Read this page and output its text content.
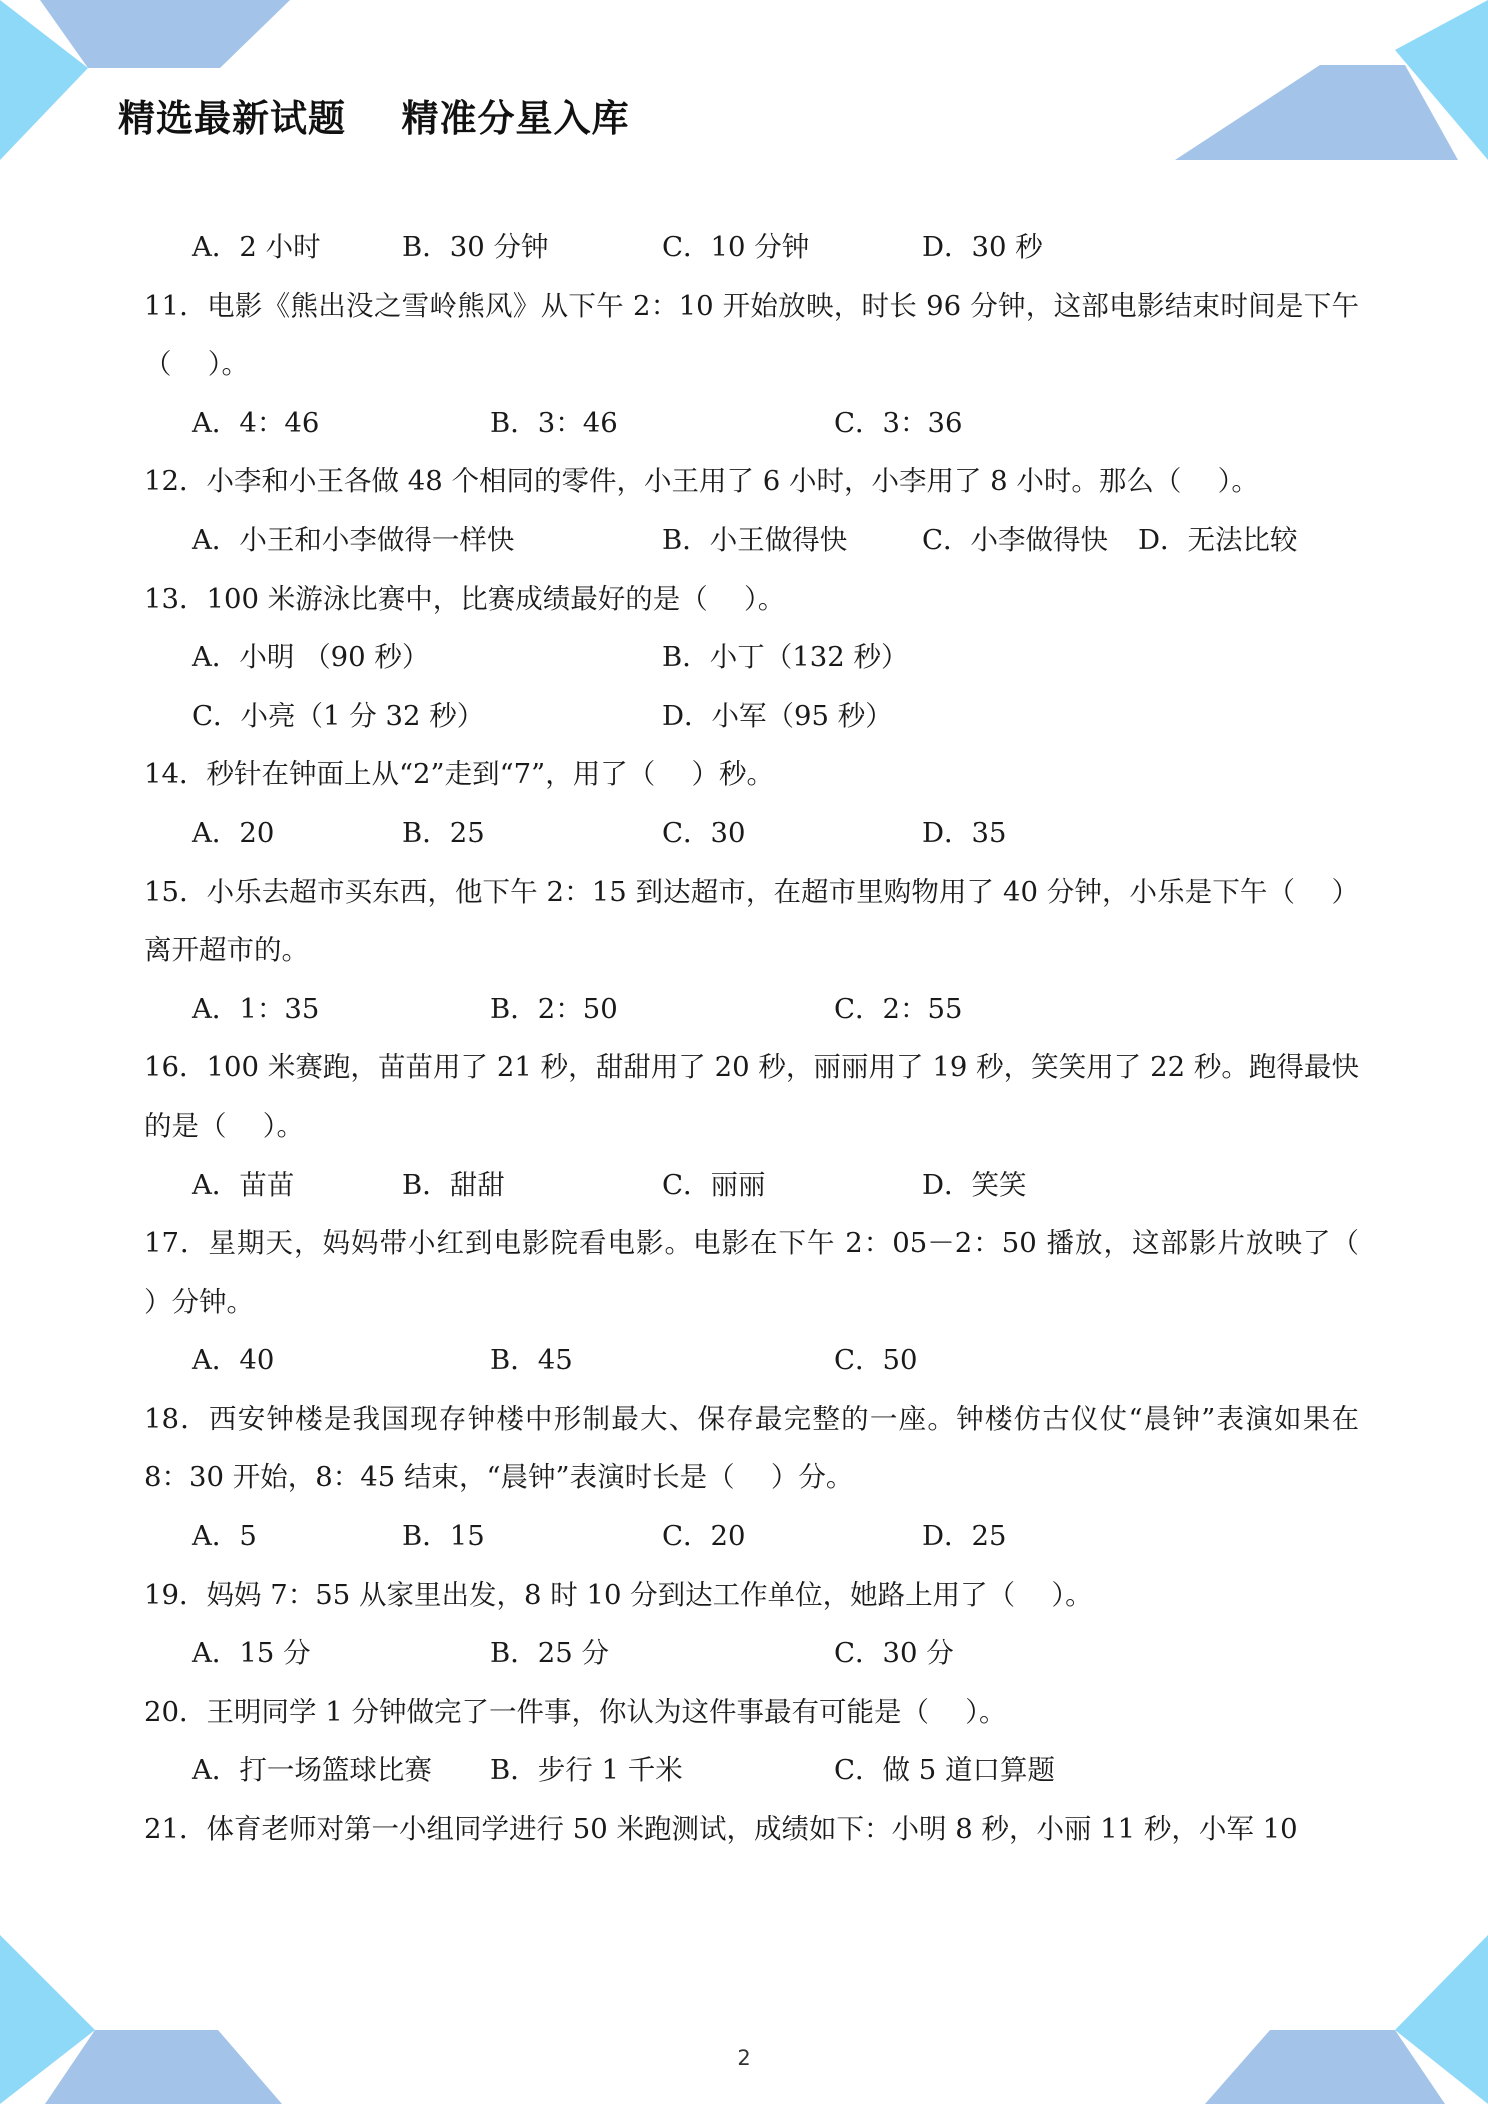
精选最新试题    精准分星入库
A．2 小时	B．30 分钟	C．10 分钟	D．30 秒
11．电影《熊出没之雪岭熊风》从下午 2：10 开始放映，时长 96 分钟，这部电影结束时间是下午（　 ）。
A．4：46	B．3：46	C．3：36
12．小李和小王各做 48 个相同的零件，小王用了 6 小时，小李用了 8 小时。那么（　 ）。
A．小王和小李做得一样快	B．小王做得快	C．小李做得快 D．无法比较
13．100 米游泳比赛中，比赛成绩最好的是（　 ）。
A．小明 （90 秒）	B．小丁（132 秒）
C．小亮（1 分 32 秒）	D．小军（95 秒）
14．秒针在钟面上从“2”走到“7”，用了（　 ）秒。
A．20	B．25	C．30	D．35
15．小乐去超市买东西，他下午 2：15 到达超市，在超市里购物用了 40 分钟，小乐是下午（　 ）离开超市的。
A．1：35	B．2：50	C．2：55
16．100 米赛跑，苗苗用了 21 秒，甜甜用了 20 秒，丽丽用了 19 秒，笑笑用了 22 秒。跑得最快的是（　 ）。
A．苗苗	B．甜甜	C．丽丽	D．笑笑
17．星期天，妈妈带小红到电影院看电影。电影在下午 2：05－2：50 播放，这部影片放映了（　 ）分钟。
A．40	B．45	C．50
18．西安钟楼是我国现存钟楼中形制最大、保存最完整的一座。钟楼仿古仪仗“晨钟”表演如果在 8：30 开始，8：45 结束，“晨钟”表演时长是（　 ）分。
A．5	B．15	C．20	D．25
19．妈妈 7：55 从家里出发，8 时 10 分到达工作单位，她路上用了（　 ）。
A．15 分	B．25 分	C．30 分
20．王明同学 1 分钟做完了一件事，你认为这件事最有可能是（　 ）。
A．打一场篮球比赛 B．步行 1 千米	C．做 5 道口算题
21．体育老师对第一小组同学进行 50 米跑测试，成绩如下：小明 8 秒，小丽 11 秒，小军 10
2
